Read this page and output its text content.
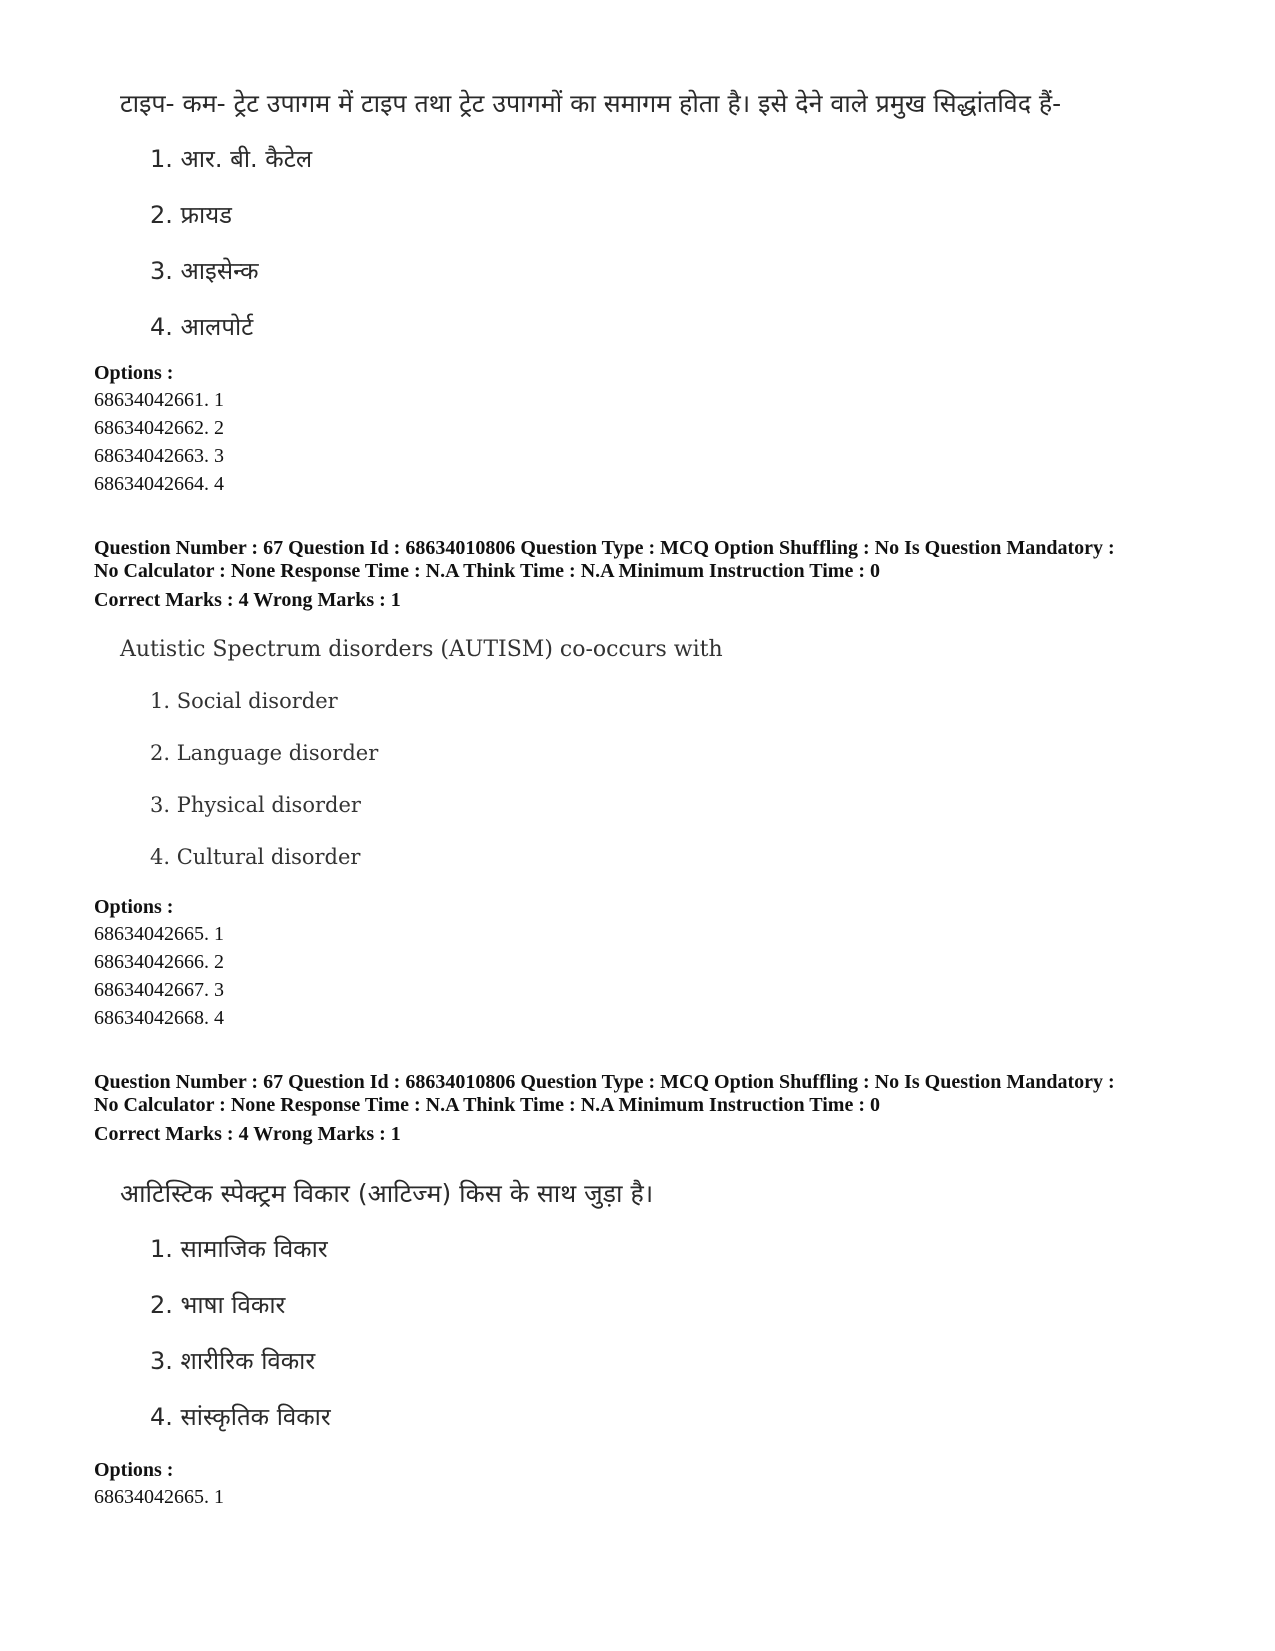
टाइप- कम- ट्रेट उपागम में टाइप तथा ट्रेट उपागमों का समागम होता है। इसे देने वाले प्रमुख सिद्धांतविद हैं-
1. आर. बी. कैटेल
2. फ्रायड
3. आइसेन्क
4. आलपोर्ट
Options :
68634042661. 1
68634042662. 2
68634042663. 3
68634042664. 4
Question Number : 67 Question Id : 68634010806 Question Type : MCQ Option Shuffling : No Is Question Mandatory :
No Calculator : None Response Time : N.A Think Time : N.A Minimum Instruction Time : 0
Correct Marks : 4 Wrong Marks : 1
Autistic Spectrum disorders (AUTISM) co-occurs with
1. Social disorder
2. Language disorder
3. Physical disorder
4. Cultural disorder
Options :
68634042665. 1
68634042666. 2
68634042667. 3
68634042668. 4
Question Number : 67 Question Id : 68634010806 Question Type : MCQ Option Shuffling : No Is Question Mandatory :
No Calculator : None Response Time : N.A Think Time : N.A Minimum Instruction Time : 0
Correct Marks : 4 Wrong Marks : 1
आटिस्टिक स्पेक्ट्रम विकार (आटिज्म) किस के साथ जुड़ा है।
1. सामाजिक विकार
2. भाषा विकार
3. शारीरिक विकार
4. सांस्कृतिक विकार
Options :
68634042665. 1
